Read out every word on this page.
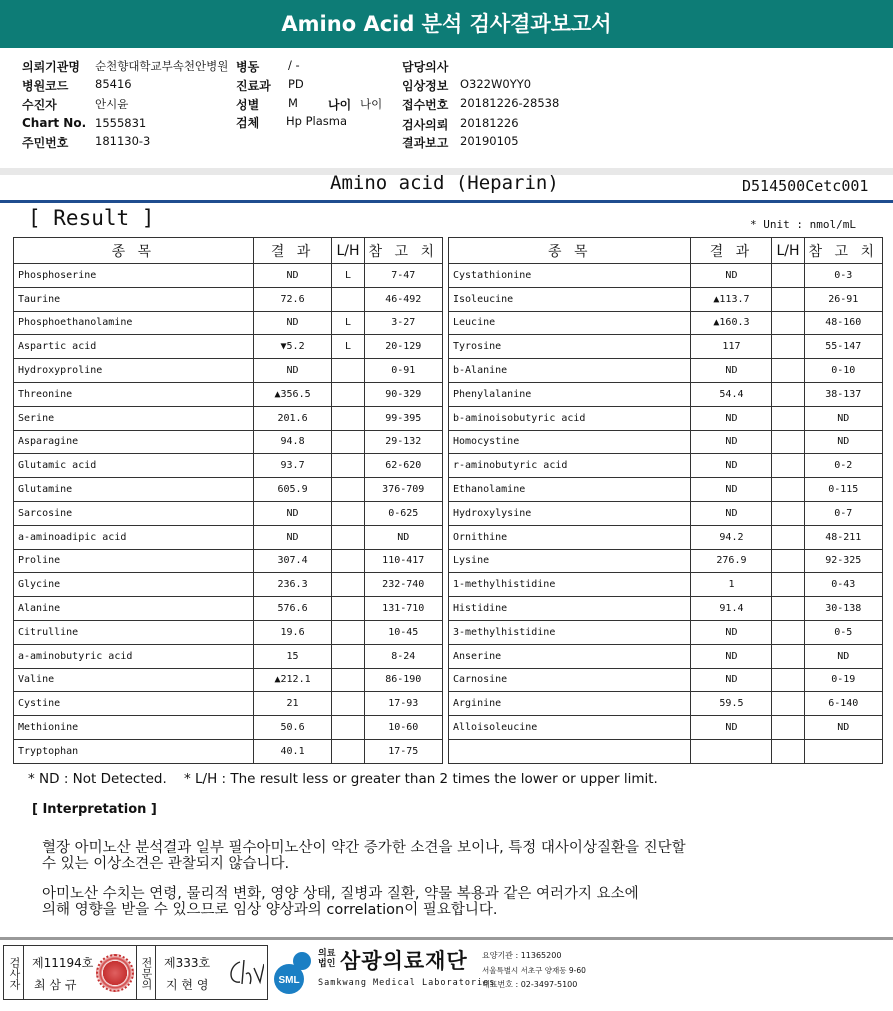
Amino Acid 분석 검사결과보고서
의뢰기관명 순천향대학교부속천안병원 병동	/ -	담당의사
병원코드 85416	진료과 PD	임상정보 O322W0YY0
수진자	안시윤	성별	M	나이 나이 접수번호 20181226-28538
Chart No. 1555831	검체 Hp Plasma	검사의뢰 20181226
주민번호 181130-3	결과보고 20190105
Amino acid (Heparin)	D514500Cetc001
[ Result ]	* Unit : nmol/mL
종 목	결 과	L/H	참 고 치
Phosphoserine	ND	L	7-47
Taurine	72.6		46-492
Phosphoethanolamine	ND	L	3-27
Aspartic acid	▼5.2	L	20-129
Hydroxyproline	ND		0-91
Threonine	▲356.5		90-329
Serine	201.6		99-395
Asparagine	94.8		29-132
Glutamic acid	93.7		62-620
Glutamine	605.9		376-709
Sarcosine	ND		0-625
a-aminoadipic acid	ND		ND
Proline	307.4		110-417
Glycine	236.3		232-740
Alanine	576.6		131-710
Citrulline	19.6		10-45
a-aminobutyric acid	15		8-24
Valine	▲212.1		86-190
Cystine	21		17-93
Methionine	50.6		10-60
Tryptophan	40.1		17-75
종 목	결 과	L/H	참 고 치
Cystathionine	ND		0-3
Isoleucine	▲113.7		26-91
Leucine	▲160.3		48-160
Tyrosine	117		55-147
b-Alanine	ND		0-10
Phenylalanine	54.4		38-137
b-aminoisobutyric acid	ND		ND
Homocystine	ND		ND
r-aminobutyric acid	ND		0-2
Ethanolamine	ND		0-115
Hydroxylysine	ND		0-7
Ornithine	94.2		48-211
Lysine	276.9		92-325
1-methylhistidine	1		0-43
Histidine	91.4		30-138
3-methylhistidine	ND		0-5
Anserine	ND		ND
Carnosine	ND		0-19
Arginine	59.5		6-140
Alloisoleucine	ND		ND

* ND : Not Detected.    * L/H : The result less or greater than 2 times the lower or upper limit.
[ Interpretation ]
혈장 아미노산 분석결과 일부 필수아미노산이 약간 증가한 소견을 보이나, 특정 대사이상질환을 진단할
수 있는 이상소견은 관찰되지 않습니다.
아미노산 수치는 연령, 물리적 변화, 영양 상태, 질병과 질환, 약물 복용과 같은 여러가지 요소에
의해 영향을 받을 수 있으므로 임상 양상과의 correlation이 필요합니다.
검사자 제11194호
최 삼 규	전문의 제333호
지 현 영	SML
의료법인 삼광의료재단
Samkwang Medical Laboratories
요양기관 : 11365200
서울특별시 서초구 양재동 9-60
대표번호 : 02-3497-5100
